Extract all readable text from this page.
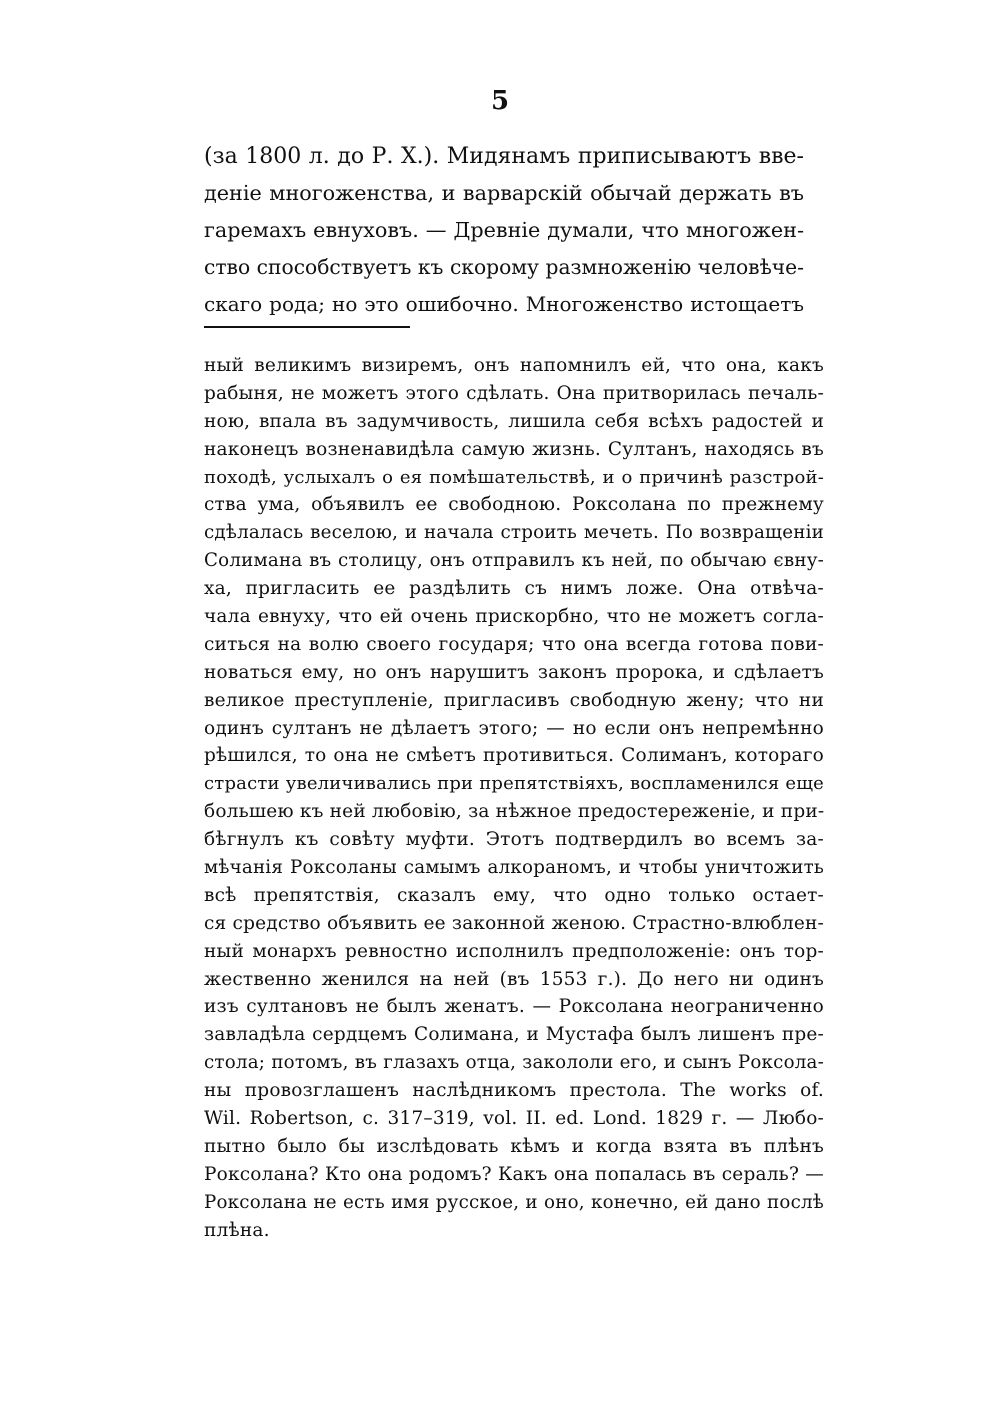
5
(за 1800 л. до Р. X.). Мидянамъ приписываютъ вве-
деніе многоженства, и варварскій обычай держать въ
гаремахъ евнуховъ. — Древніе думали, что многожен-
ство способствуетъ къ скорому размноженію человѣче-
скаго рода; но это ошибочно. Многоженство истощаетъ
ный великимъ визиремъ, онъ напомнилъ ей, что она, какъ
рабыня, не можетъ этого сдѣлать. Она притворилась печаль-
ною, впала въ задумчивость, лишила себя всѣхъ радостей и
наконецъ возненавидѣла самую жизнь. Султанъ, находясь въ
походѣ, услыхалъ о ея помѣшательствѣ, и о причинѣ разстрой-
ства ума, объявилъ ее свободною. Роксолана по прежнему
сдѣлалась веселою, и начала строить мечеть. По возвращеніи
Солимана въ столицу, онъ отправилъ къ ней, по обычаю євну-
ха, пригласить ее раздѣлить съ нимъ ложе. Она отвѣча-
чала евнуху, что ей очень прискорбно, что не можетъ согла-
ситься на волю своего государя; что она всегда готова пови-
новаться ему, но онъ нарушитъ законъ пророка, и сдѣлаетъ
великое преступленіе, пригласивъ свободную жену; что ни
одинъ султанъ не дѣлаетъ этого; — но если онъ непремѣнно
рѣшился, то она не смѣетъ противиться. Солиманъ, котораго
страсти увеличивались при препятствіяхъ, воспламенился еще
большею къ ней любовію, за нѣжное предостереженіе, и при-
бѣгнулъ къ совѣту муфти. Этотъ подтвердилъ во всемъ за-
мѣчанія Роксоланы самымъ алкораномъ, и чтобы уничтожить
всѣ препятствія, сказалъ ему, что одно только остает-
ся средство объявить ее законной женою. Страстно-влюблен-
ный монархъ ревностно исполнилъ предположеніе: онъ тор-
жественно женился на ней (въ 1553 г.). До него ни одинъ
изъ султановъ не былъ женатъ. — Роксолана неограниченно
завладѣла сердцемъ Солимана, и Мустафа былъ лишенъ пре-
стола; потомъ, въ глазахъ отца, закололи его, и сынъ Роксола-
ны провозглашенъ наслѣдникомъ престола. The works of.
Wil. Robertson, c. 317–319, vol. II. ed. Lond. 1829 г. — Любо-
пытно было бы изслѣдовать кѣмъ и когда взята въ плѣнъ
Роксолана? Кто она родомъ? Какъ она попалась въ сераль? —
Роксолана не есть имя русское, и оно, конечно, ей дано послѣ
плѣна.
